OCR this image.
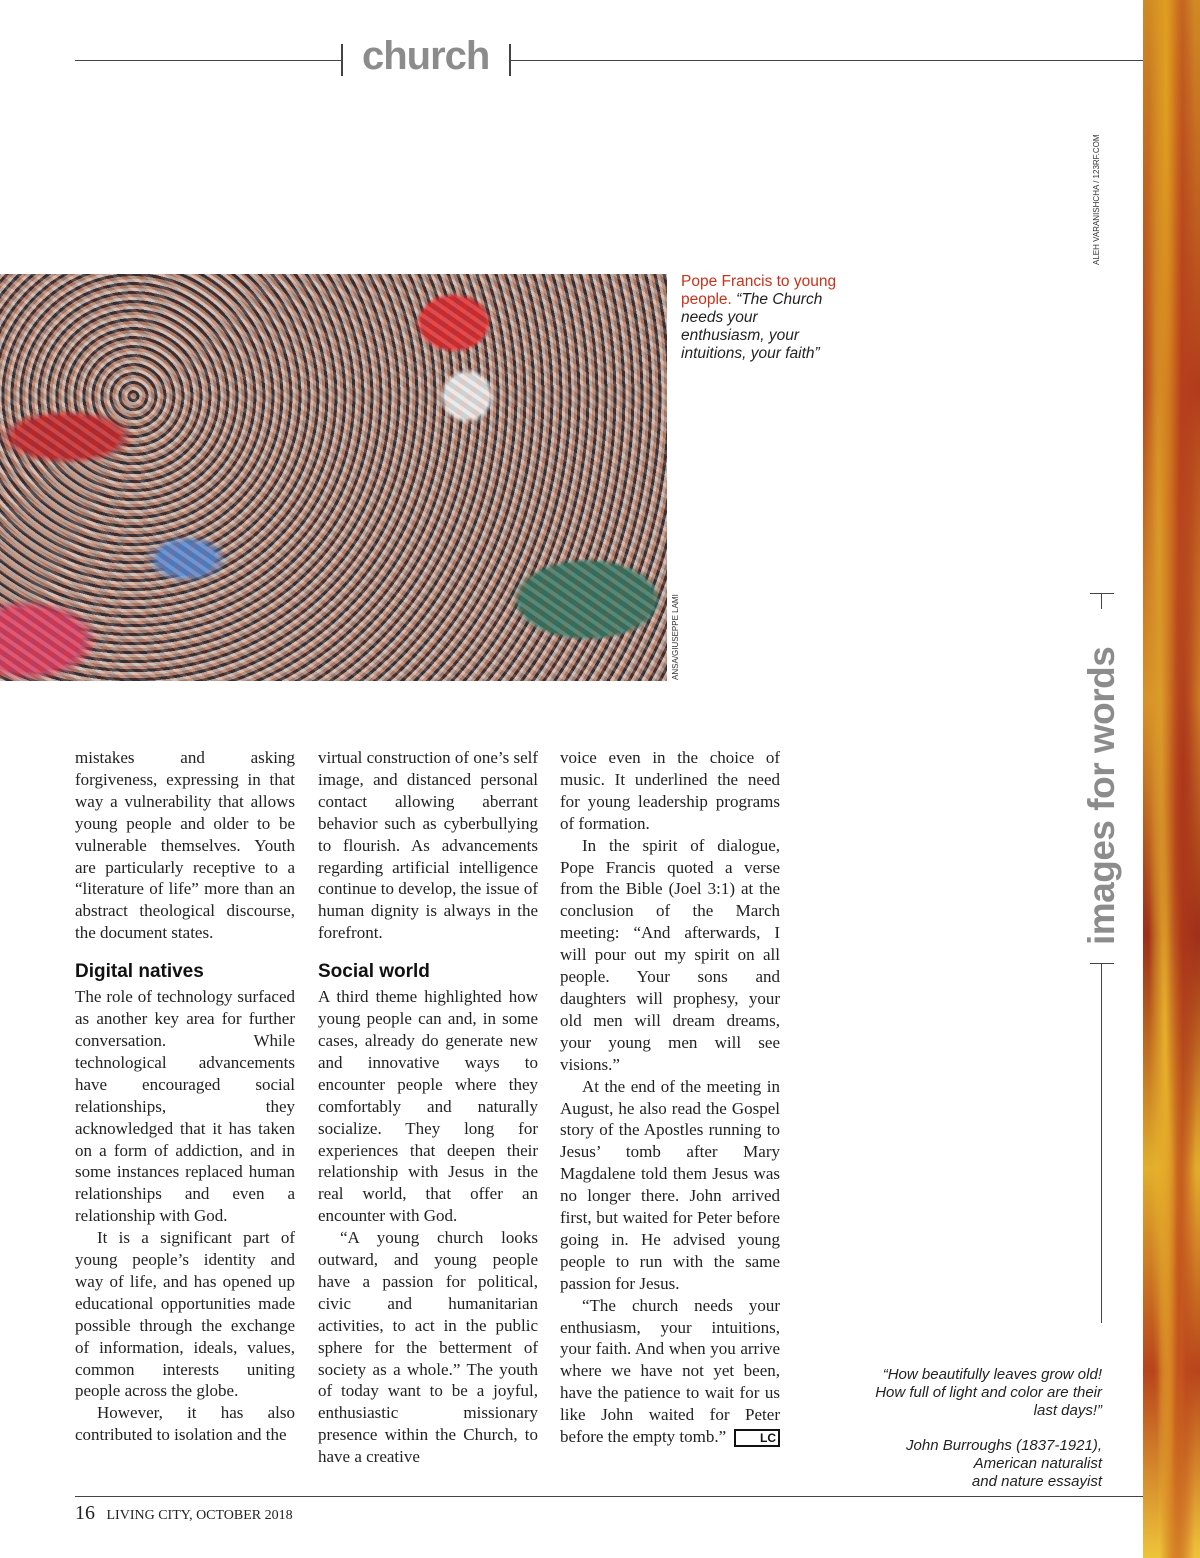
church
ALEH VARANISHCHA / 123RF.COM
ANSA/GIUSEPPE LAMI
Pope Francis to young people. “The Church needs your enthusiasm, your intuitions, your faith”
images for words
“How beautifully leaves grow old! How full of light and color are their last days!”
John Burroughs (1837-1921),
American naturalist
and nature essayist

mistakes and asking forgiveness, expressing in that way a vulnerability that allows young people and older to be vulnerable themselves. Youth are particularly receptive to a “literature of life” more than an abstract theological discourse, the document states.

Digital natives

The role of technology surfaced as another key area for further conversation. While technological advancements have encouraged social relationships, they acknowledged that it has taken on a form of addiction, and in some instances replaced human relationships and even a relationship with God.

It is a significant part of young people’s identity and way of life, and has opened up educational opportunities made possible through the exchange of information, ideals, values, common interests uniting people across the globe.

However, it has also contributed to isolation and the

virtual construction of one’s self image, and distanced personal contact allowing aberrant behavior such as cyberbullying to flourish. As advancements regarding artificial intelligence continue to develop, the issue of human dignity is always in the forefront.

Social world

A third theme highlighted how young people can and, in some cases, already do generate new and innovative ways to encounter people where they comfortably and naturally socialize. They long for experiences that deepen their relationship with Jesus in the real world, that offer an encounter with God.

“A young church looks outward, and young people have a passion for political, civic and humanitarian activities, to act in the public sphere for the betterment of society as a whole.” The youth of today want to be a joyful, enthusiastic missionary presence within the Church, to have a creative

voice even in the choice of music. It underlined the need for young leadership programs of formation.

In the spirit of dialogue, Pope Francis quoted a verse from the Bible (Joel 3:1) at the conclusion of the March meeting: “And afterwards, I will pour out my spirit on all people. Your sons and daughters will prophesy, your old men will dream dreams, your young men will see visions.”

At the end of the meeting in August, he also read the Gospel story of the Apostles running to Jesus’ tomb after Mary Magdalene told them Jesus was no longer there. John arrived first, but waited for Peter before going in. He advised young people to run with the same passion for Jesus.

“The church needs your enthusiasm, your intuitions, your faith. And when you arrive where we have not yet been, have the patience to wait for us like John waited for Peter before the empty tomb.”	LC

16 LIVING CITY, OCTOBER 2018
